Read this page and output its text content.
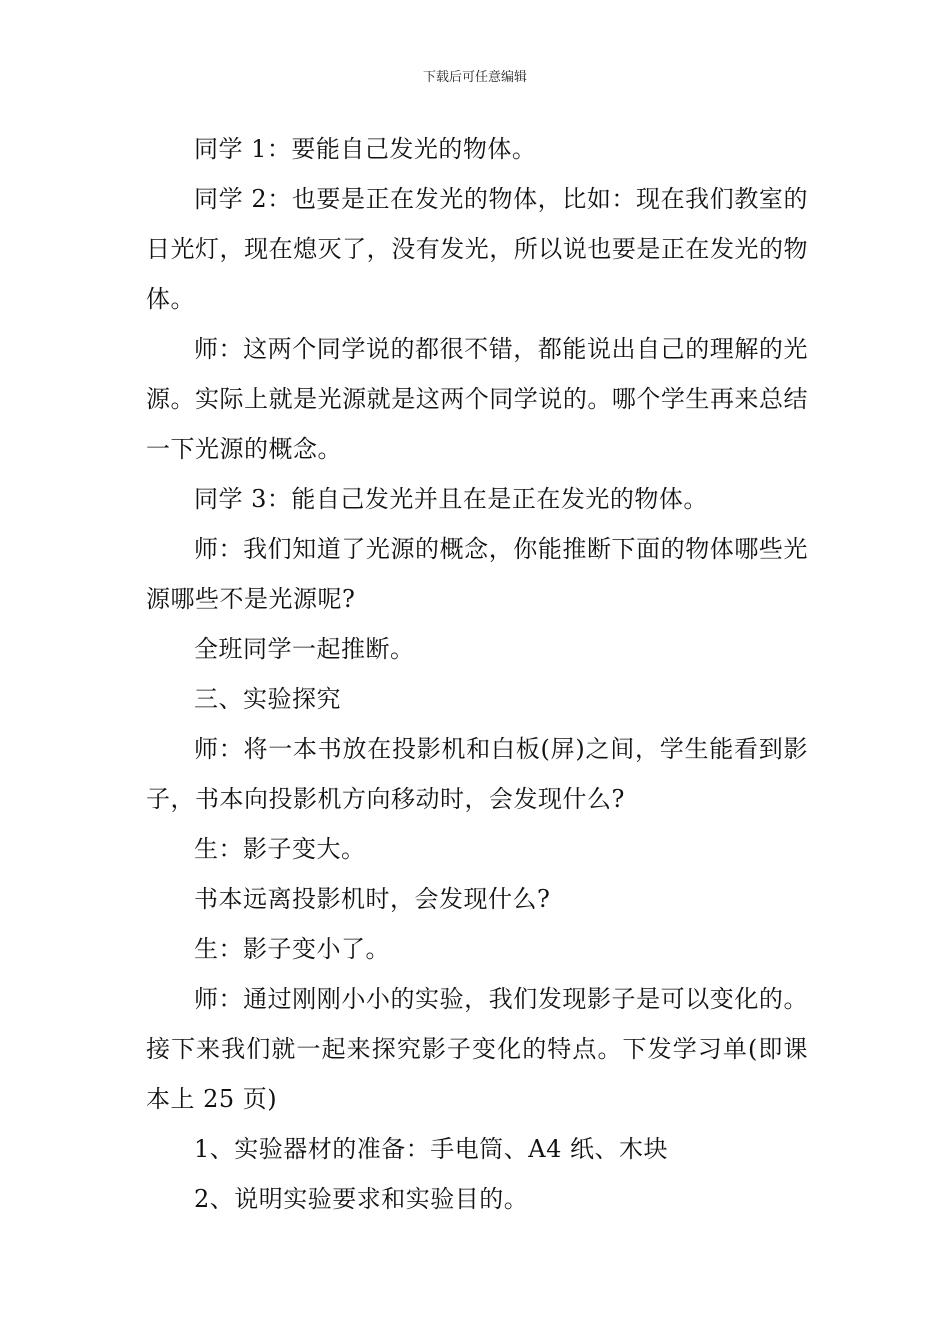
下载后可任意编辑

同学 1：要能自己发光的物体。

同学 2：也要是正在发光的物体，比如：现在我们教室的日光灯，现在熄灭了，没有发光，所以说也要是正在发光的物体。

师：这两个同学说的都很不错，都能说出自己的理解的光源。实际上就是光源就是这两个同学说的。哪个学生再来总结一下光源的概念。

同学 3：能自己发光并且在是正在发光的物体。

师：我们知道了光源的概念，你能推断下面的物体哪些光源哪些不是光源呢?

全班同学一起推断。

三、实验探究

师：将一本书放在投影机和白板(屏)之间，学生能看到影子，书本向投影机方向移动时，会发现什么?

生：影子变大。

书本远离投影机时，会发现什么?

生：影子变小了。

师：通过刚刚小小的实验，我们发现影子是可以变化的。接下来我们就一起来探究影子变化的特点。下发学习单(即课本上 25 页)

1、实验器材的准备：手电筒、A4 纸、木块

2、说明实验要求和实验目的。
